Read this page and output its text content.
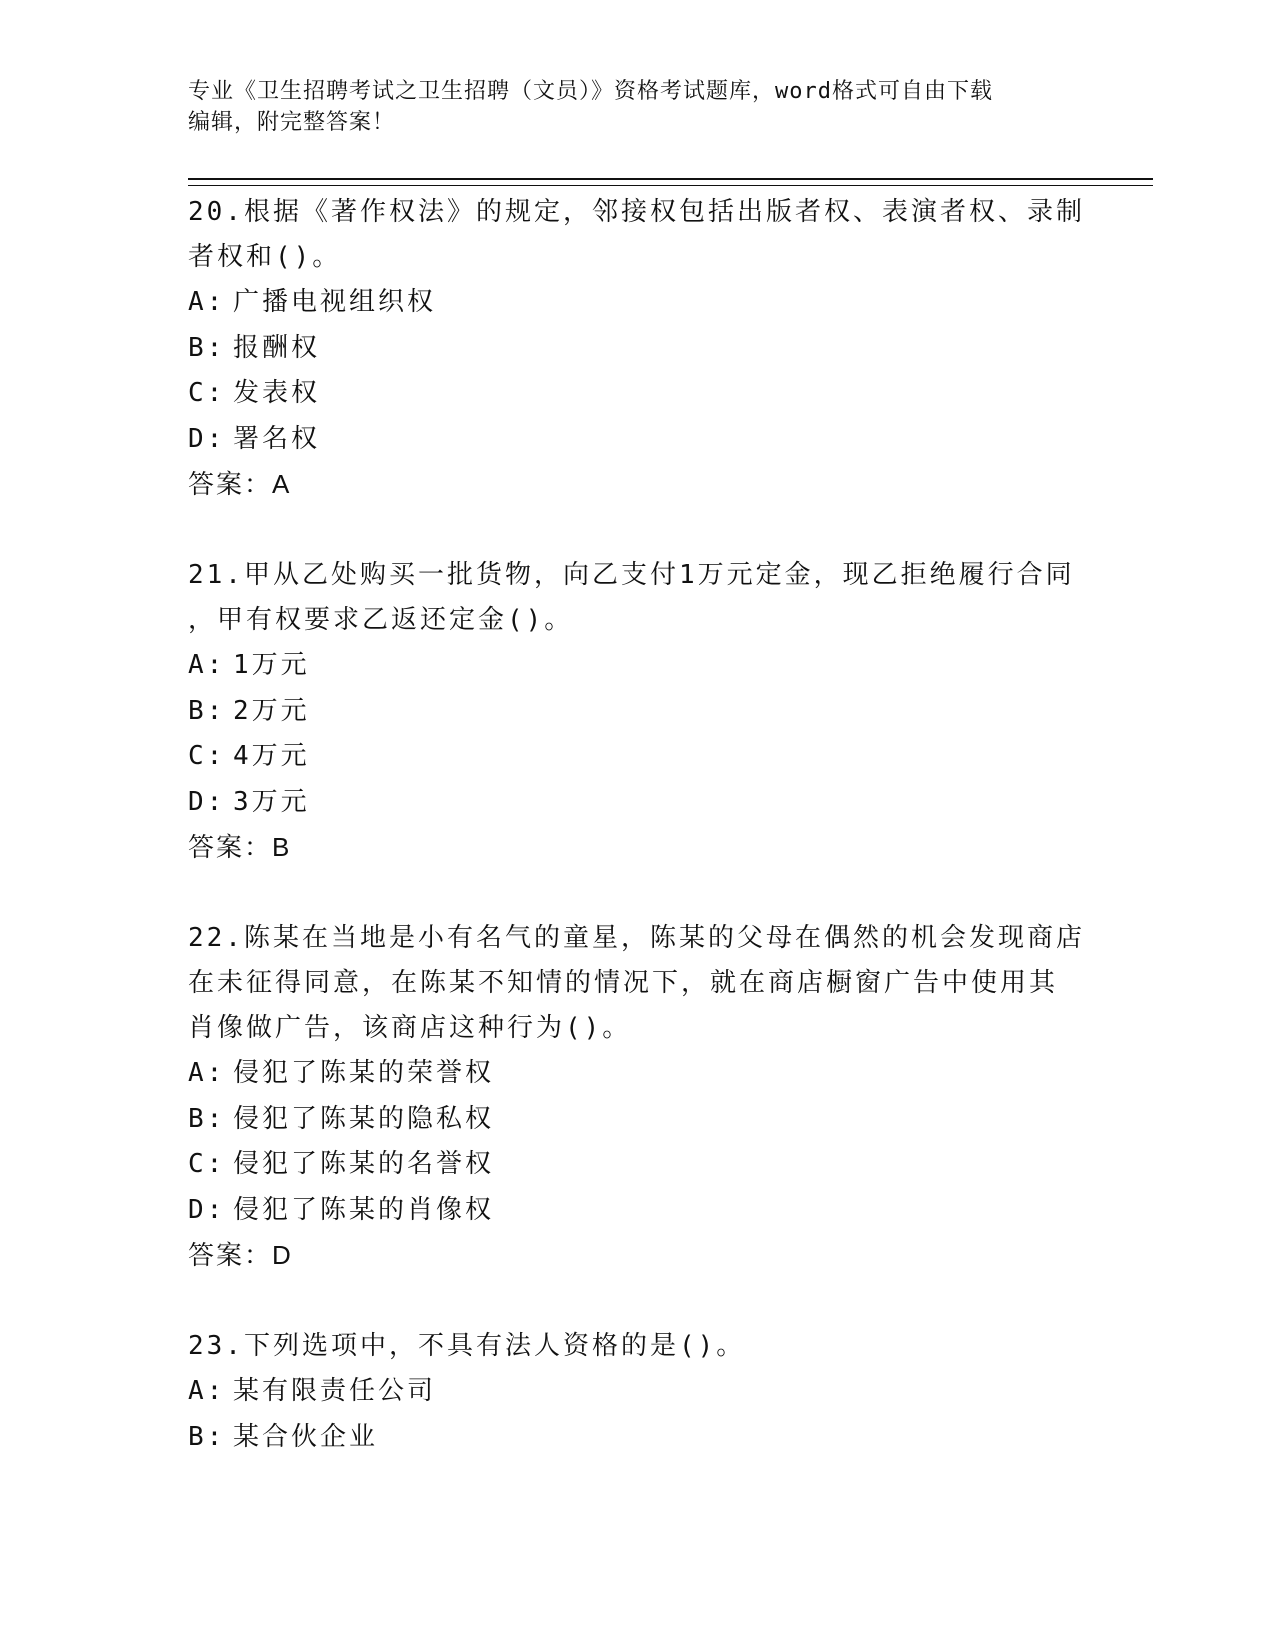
专业《卫生招聘考试之卫生招聘（文员）》资格考试题库，word格式可自由下载
编辑，附完整答案！
20.根据《著作权法》的规定，邻接权包括出版者权、表演者权、录制
者权和()。
A: 广播电视组织权
B: 报酬权
C: 发表权
D: 署名权
答案：A
21.甲从乙处购买一批货物，向乙支付1万元定金，现乙拒绝履行合同
，甲有权要求乙返还定金()。
A: 1万元
B: 2万元
C: 4万元
D: 3万元
答案：B
22.陈某在当地是小有名气的童星，陈某的父母在偶然的机会发现商店
在未征得同意，在陈某不知情的情况下，就在商店橱窗广告中使用其
肖像做广告，该商店这种行为()。
A: 侵犯了陈某的荣誉权
B: 侵犯了陈某的隐私权
C: 侵犯了陈某的名誉权
D: 侵犯了陈某的肖像权
答案：D
23.下列选项中，不具有法人资格的是()。
A: 某有限责任公司
B: 某合伙企业
